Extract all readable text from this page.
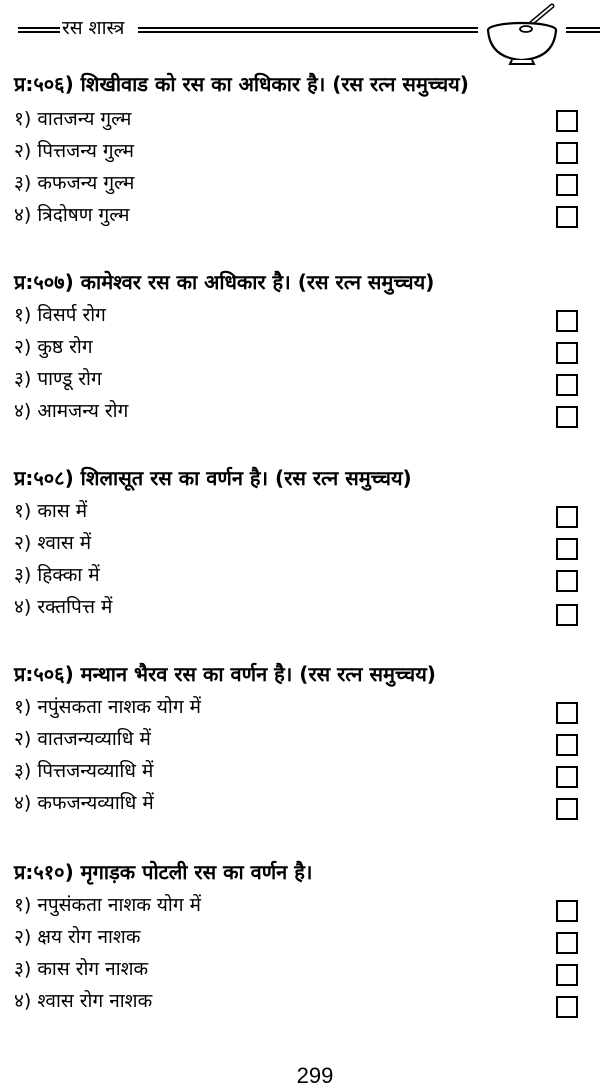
रस शास्त्र
प्र:५०६) शिखीवाड को रस का अधिकार है। (रस रत्न समुच्चय)
१) वातजन्य गुल्म
२) पित्तजन्य गुल्म
३) कफजन्य गुल्म
४) त्रिदोषण गुल्म
प्र:५०७) कामेश्वर रस का अधिकार है। (रस रत्न समुच्चय)
१) विसर्प रोग
२) कुष्ठ रोग
३) पाण्डू रोग
४) आमजन्य रोग
प्र:५०८) शिलासूत रस का वर्णन है। (रस रत्न समुच्चय)
१) कास में
२) श्वास में
३) हिक्का में
४) रक्तपित्त में
प्र:५०६) मन्थान भैरव रस का वर्णन है। (रस रत्न समुच्चय)
१) नपुंसकता नाशक योग में
२) वातजन्यव्याधि में
३) पित्तजन्यव्याधि में
४) कफजन्यव्याधि में
प्र:५१०) मृगाड़क पोटली रस का वर्णन है।
१) नपुसंकता नाशक योग में
२) क्षय रोग नाशक
३) कास रोग नाशक
४) श्वास रोग नाशक
299
